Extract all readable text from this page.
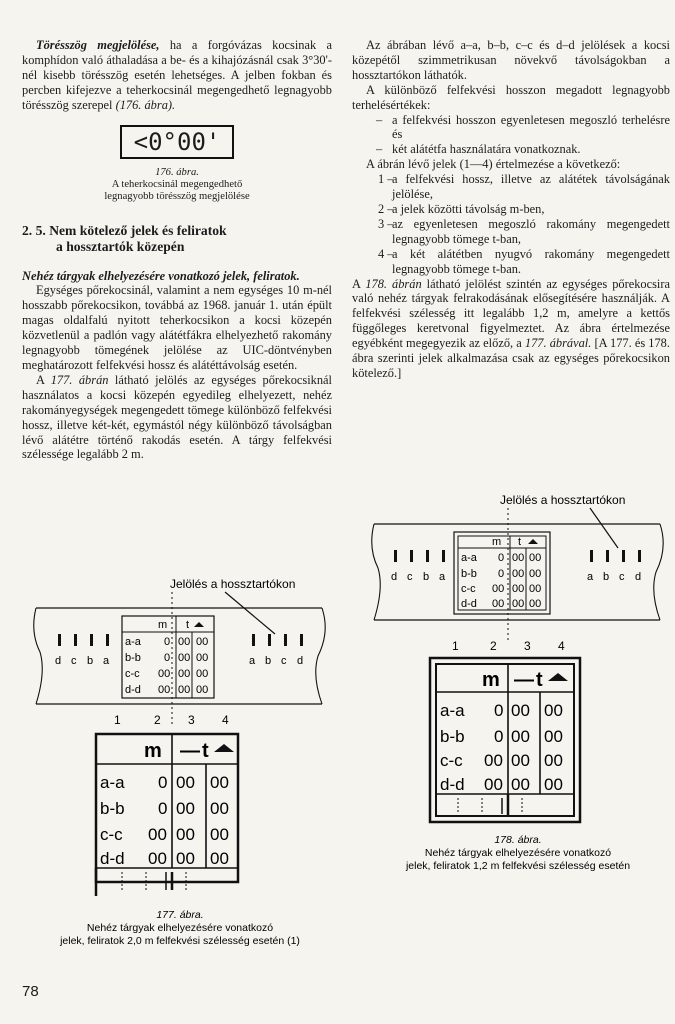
Törésszög megjelölése, ha a forgóvázas kocsinak a komphídon való áthaladása a be- és a kihajózásnál csak 3°30'-nél kisebb törésszög esetén lehetséges. A jelben fokban és percben kifejezve a teherkocsinál megengedhető legnagyobb törésszög szerepel (176. ábra).

<0°00'

176. ábra.

A teherkocsinál megengedhető legnagyobb törésszög megjelölése

2. 5. Nem kötelező jelek és feliratok

a hossztartók közepén

Nehéz tárgyak elhelyezésére vonatkozó jelek, feliratok.

Egységes pőrekocsinál, valamint a nem egységes 10 m-nél hosszabb pőrekocsikon, továbbá az 1968. január 1. után épült magas oldalfalú nyitott teherkocsikon a kocsi közepén közvetlenül a padlón vagy alátétfákra elhelyezhető rakomány legnagyobb tömegének jelölése az UIC-döntvényben meghatározott felfekvési hossz és alátéttávolság esetén.

A 177. ábrán látható jelölés az egységes pőrekocsiknál használatos a kocsi közepén egyedileg elhelyezett, nehéz rakományegységek megengedett tömege különböző felfekvési hossz, illetve két-két, egymástól négy különböző távolságban lévő alátétre történő rakodás esetén. A tárgy felfekvési szélessége legalább 2 m.

Az ábrában lévő a–a, b–b, c–c és d–d jelölések a kocsi közepétől szimmetrikusan növekvő távolságokban a hossztartókon láthatók.

A különböző felfekvési hosszon megadott legnagyobb terhelésértékek:

– a felfekvési hosszon egyenletesen megoszló terhelésre és
– két alátétfa használatára vonatkoznak.

A ábrán lévő jelek (1—4) értelmezése a következő:

1 –
a felfekvési hossz, illetve az alátétek távolságának jelölése,
2 –
a jelek közötti távolság m-ben,
3 –
az egyenletesen megoszló rakomány megengedett legnagyobb tömege t-ban,
4 –
a két alátétben nyugvó rakomány megengedett legnagyobb tömege t-ban.

A 178. ábrán látható jelölést szintén az egységes pőrekocsira való nehéz tárgyak felrakodásának elősegítésére használják. A felfekvési szélesség itt legalább 1,2 m, amelyre a kettős függőleges keretvonal figyelmeztet. Az ábra értelmezése egyébként megegyezik az előző, a 177. ábrával. [A 177. és 178. ábra szerinti jelek alkalmazása csak az egységes pőrekocsikon kötelező.]

Jelölés a hossztartókon
d c b a	a b c d
m t
a-a 0 00 00
b-b 0 00 00
c-c 00 00 00
d-d 00 00 00
1	2 3 4
m — t
a-a 0 00 00
b-b 0 00 00
c-c 00 00 00
d-d 00 00 00
177. ábra.
Nehéz tárgyak elhelyezésére vonatkozó
jelek, feliratok 2,0 m felfekvési szélesség esetén (1)
Jelölés a hossztartókon
d c b a	a b c d
m t
a-a 0 00 00
b-b 0 00 00
c-c 00 00 00
d-d 00 00 00
1	2 3 4
m — t
a-a 0 00 00
b-b 0 00 00
c-c 00 00 00
d-d 00 00 00
178. ábra.
Nehéz tárgyak elhelyezésére vonatkozó
jelek, feliratok 1,2 m felfekvési szélesség esetén
78
